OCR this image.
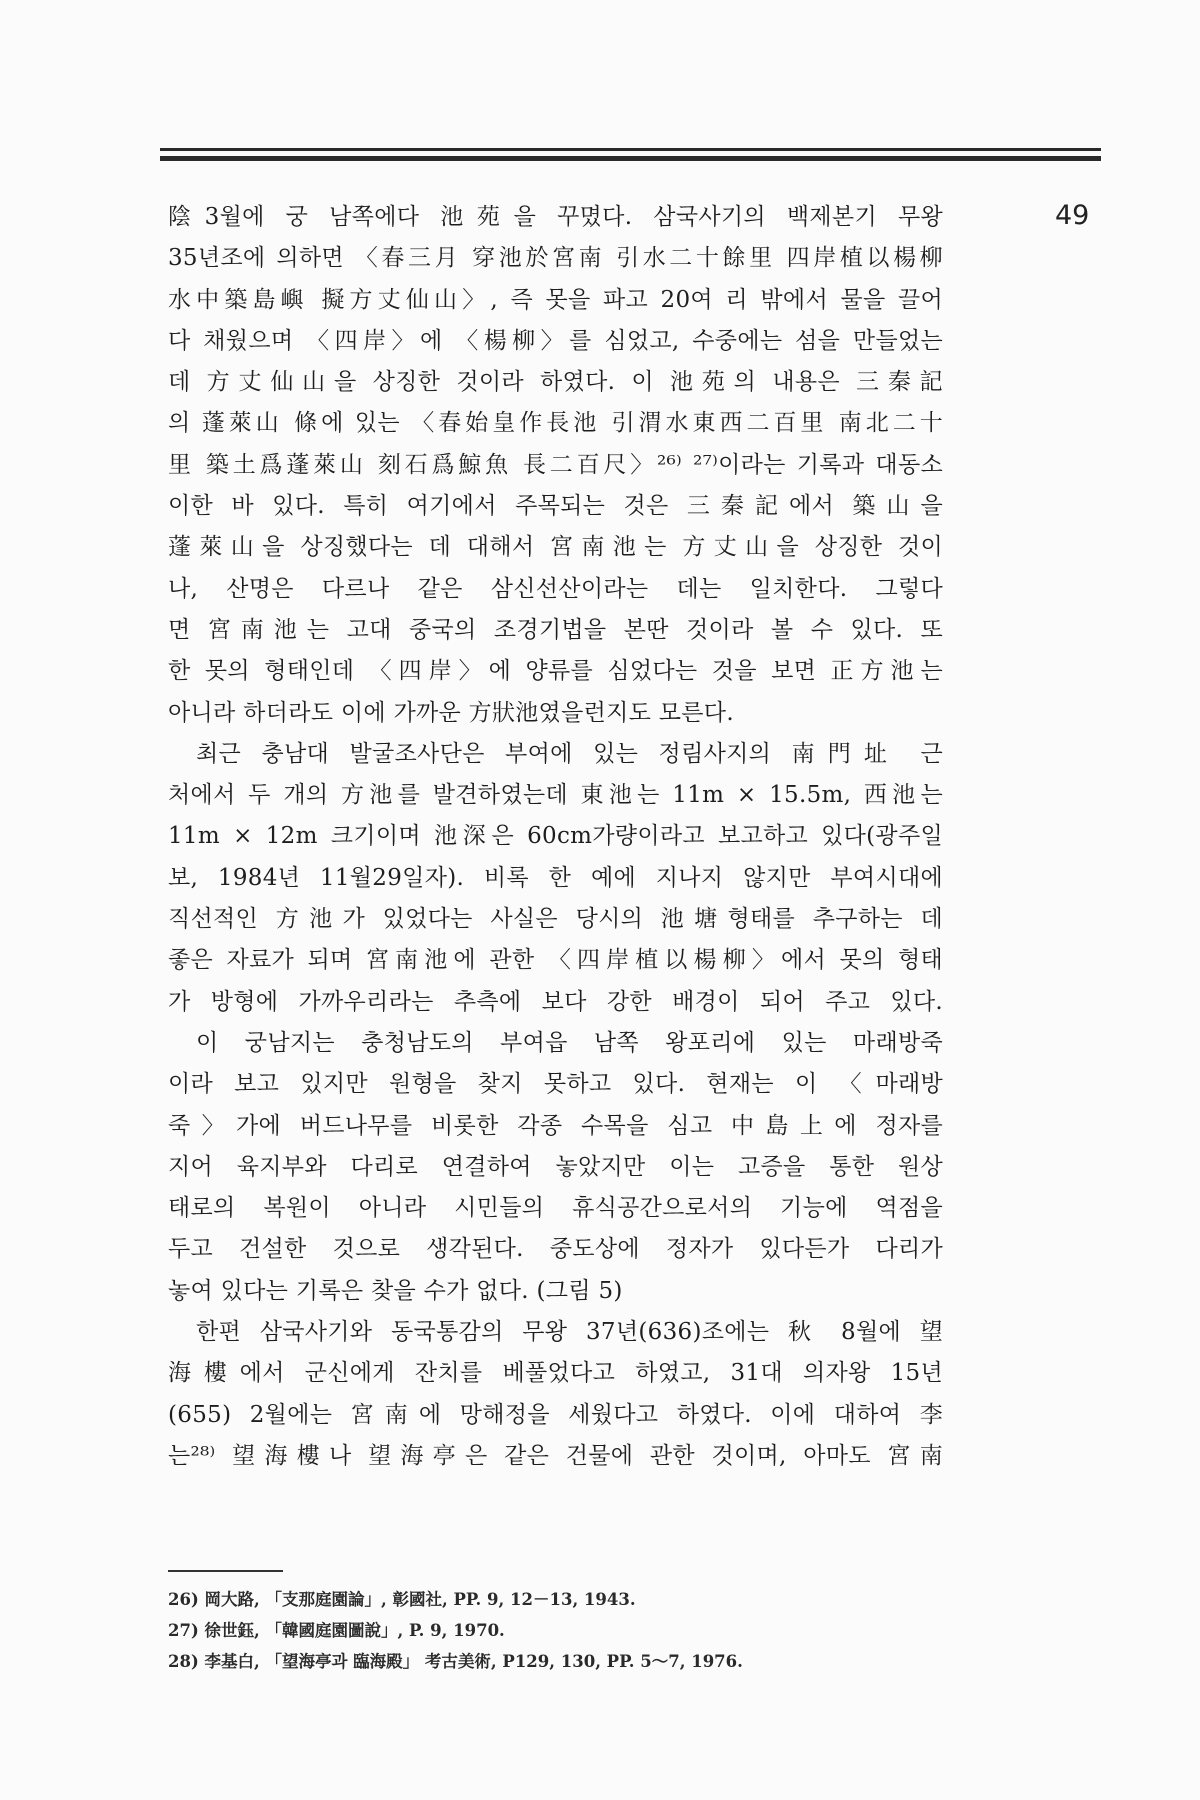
49
陰3월에 궁 남쪽에다 池苑을 꾸몄다. 삼국사기의 백제본기 무왕
35년조에 의하면 〈春三月 穿池於宮南 引水二十餘里 四岸植以楊柳
水中築島嶼 擬方丈仙山〉, 즉 못을 파고 20여 리 밖에서 물을 끌어
다 채웠으며 〈四岸〉에 〈楊柳〉를 심었고, 수중에는 섬을 만들었는
데 方丈仙山을 상징한 것이라 하였다. 이 池苑의 내용은 三秦記
의 蓬萊山 條에 있는 〈春始皇作長池 引渭水東西二百里 南北二十
里 築土爲蓬萊山 刻石爲鯨魚 長二百尺〉²⁶⁾ ²⁷⁾이라는 기록과 대동소
이한 바 있다. 특히 여기에서 주목되는 것은 三秦記에서 築山을
蓬萊山을 상징했다는 데 대해서 宮南池는 方丈山을 상징한 것이
나, 산명은 다르나 같은 삼신선산이라는 데는 일치한다. 그렇다
면 宮南池는 고대 중국의 조경기법을 본딴 것이라 볼 수 있다. 또
한 못의 형태인데 〈四岸〉에 양류를 심었다는 것을 보면 正方池는
아니라 하더라도 이에 가까운 方狀池였을런지도 모른다.
최근 충남대 발굴조사단은 부여에 있는 정림사지의 南門址 근
처에서 두 개의 方池를 발견하였는데 東池는 11m × 15.5m, 西池는
11m × 12m 크기이며 池深은 60cm가량이라고 보고하고 있다(광주일
보, 1984년 11월29일자). 비록 한 예에 지나지 않지만 부여시대에
직선적인 方池가 있었다는 사실은 당시의 池塘형태를 추구하는 데
좋은 자료가 되며 宮南池에 관한 〈四岸植以楊柳〉에서 못의 형태
가 방형에 가까우리라는 추측에 보다 강한 배경이 되어 주고 있다.
이 궁남지는 충청남도의 부여읍 남쪽 왕포리에 있는 마래방죽
이라 보고 있지만 원형을 찾지 못하고 있다. 현재는 이 〈마래방
죽〉가에 버드나무를 비롯한 각종 수목을 심고 中島上에 정자를
지어 육지부와 다리로 연결하여 놓았지만 이는 고증을 통한 원상
태로의 복원이 아니라 시민들의 휴식공간으로서의 기능에 역점을
두고 건설한 것으로 생각된다. 중도상에 정자가 있다든가 다리가
놓여 있다는 기록은 찾을 수가 없다. (그림 5)
한편 삼국사기와 동국통감의 무왕 37년(636)조에는 秋 8월에 望
海樓에서 군신에게 잔치를 베풀었다고 하였고, 31대 의자왕 15년
(655) 2월에는 宮南에 망해정을 세웠다고 하였다. 이에 대하여 李
는²⁸⁾ 望海樓나 望海亭은 같은 건물에 관한 것이며, 아마도 宮南
26) 岡大路, 「支那庭園論」, 彰國社, PP. 9, 12－13, 1943.
27) 徐世鈺, 「韓國庭園圖說」, P. 9, 1970.
28) 李基白, 「望海亭과 臨海殿」 考古美術, P129, 130, PP. 5～7, 1976.
